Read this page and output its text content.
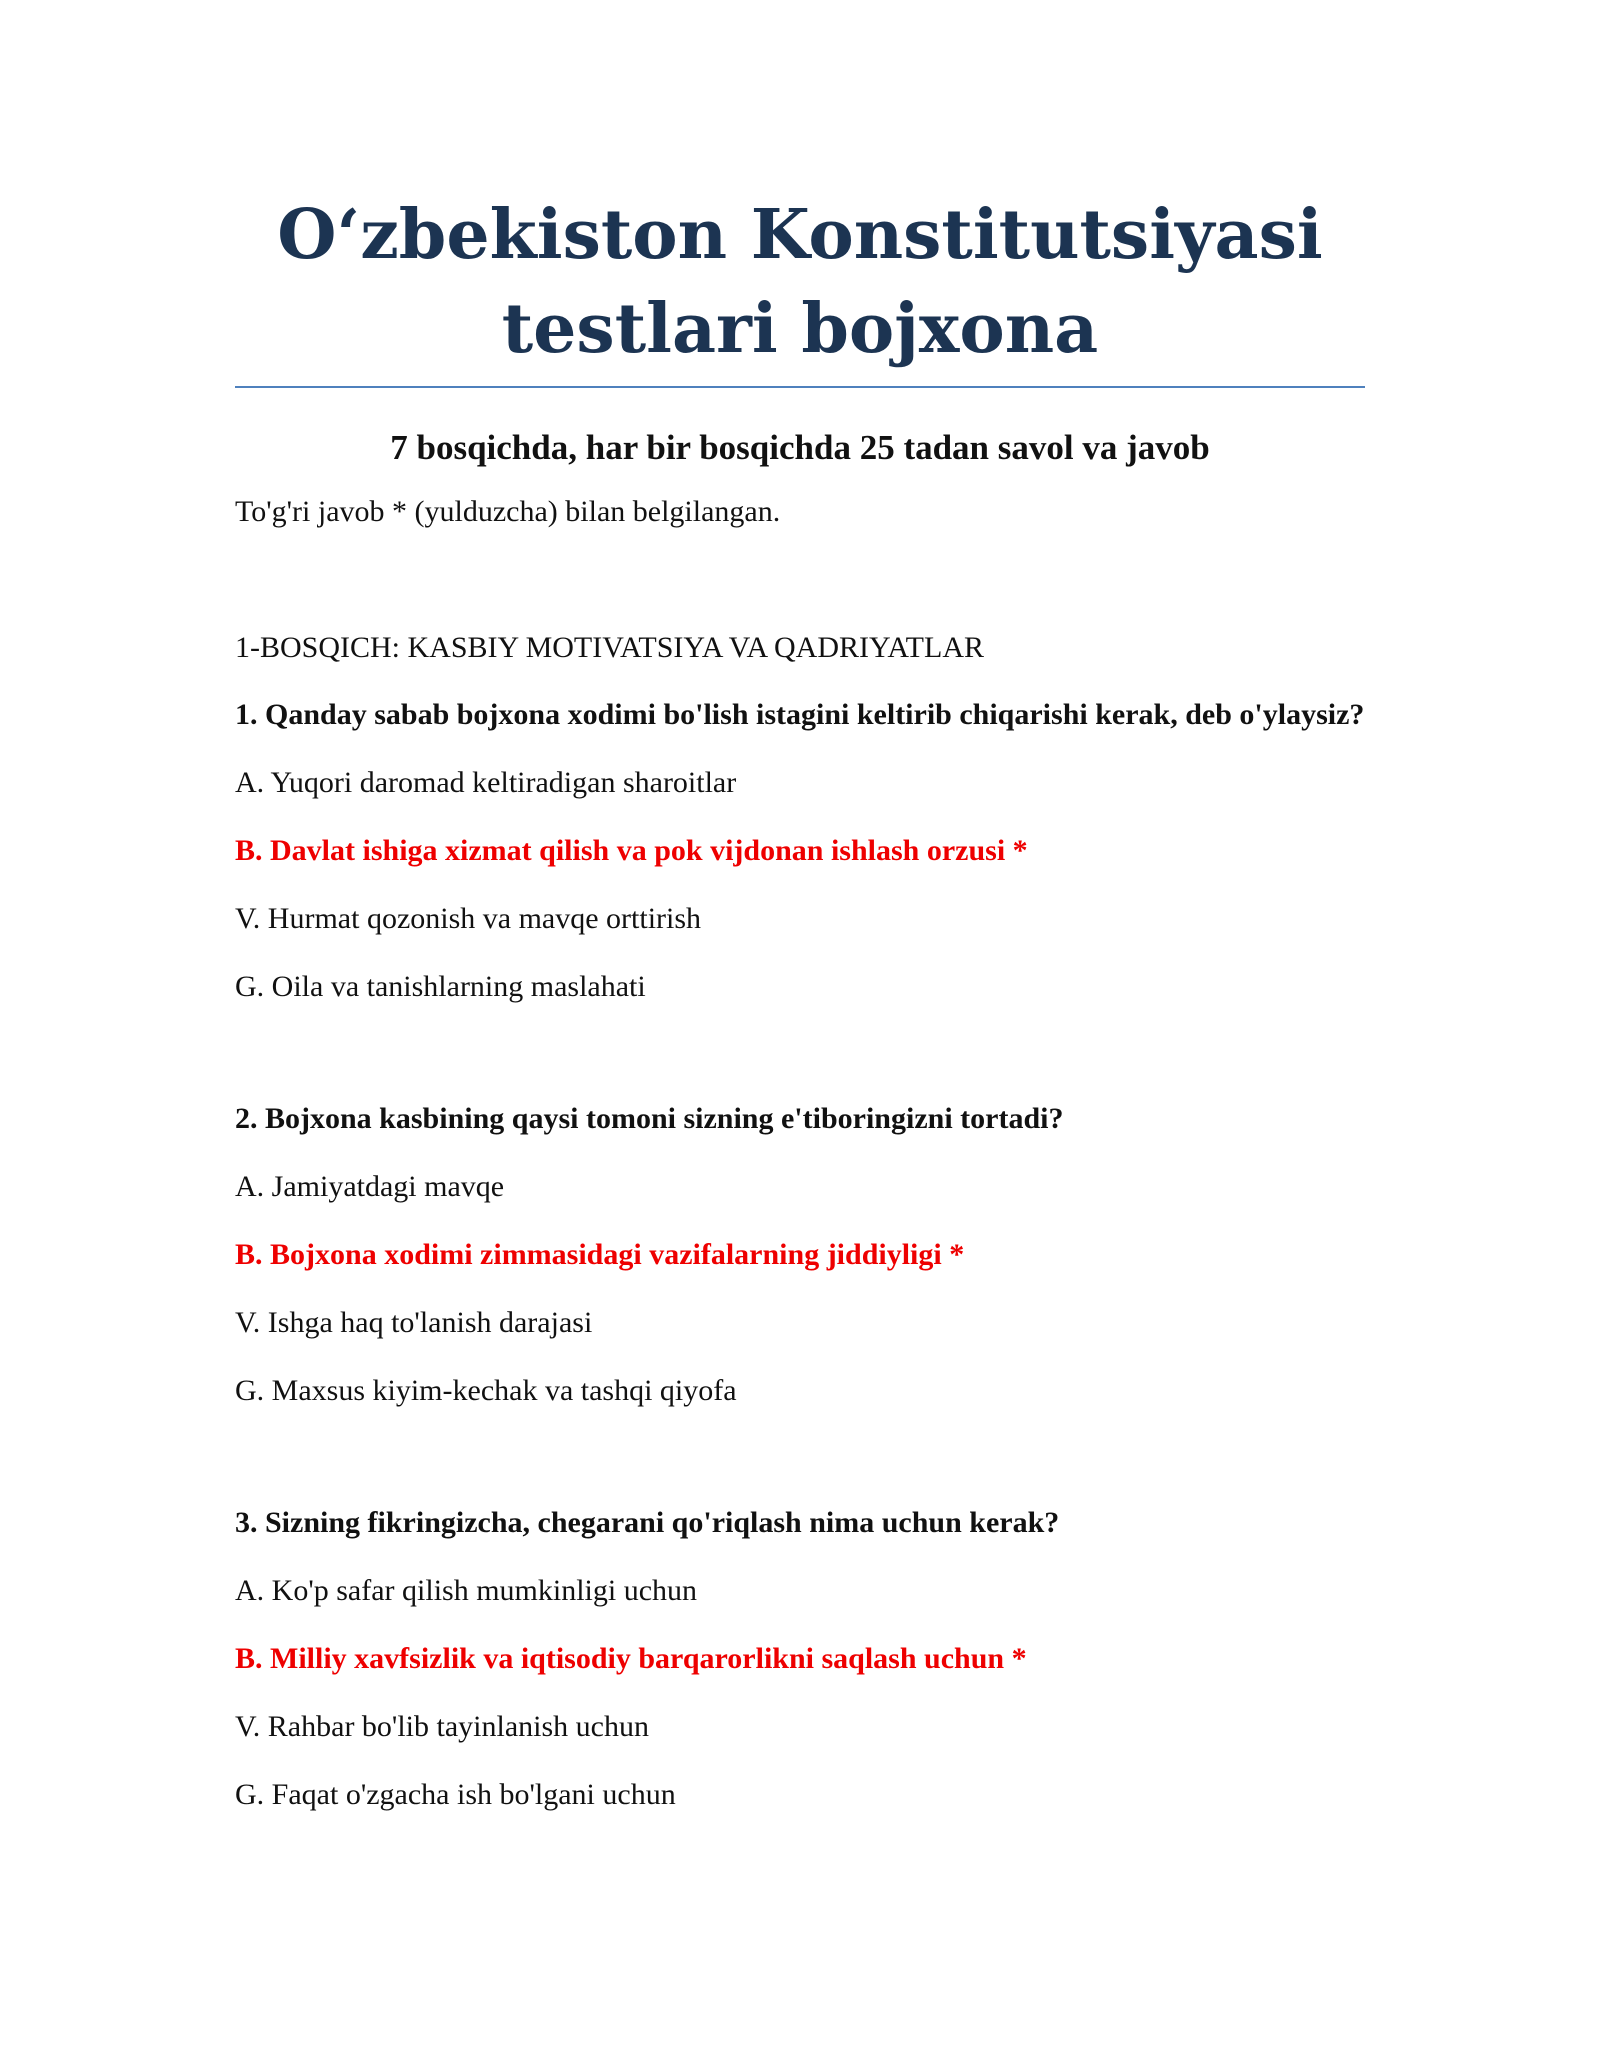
O‘zbekiston Konstitutsiyasi
testlari bojxona

7 bosqichda, har bir bosqichda 25 tadan savol va javob

To'g'ri javob * (yulduzcha) bilan belgilangan.

1-BOSQICH: KASBIY MOTIVATSIYA VA QADRIYATLAR

1. Qanday sabab bojxona xodimi bo'lish istagini keltirib chiqarishi kerak, deb o'ylaysiz?

A. Yuqori daromad keltiradigan sharoitlar

B. Davlat ishiga xizmat qilish va pok vijdonan ishlash orzusi *

V. Hurmat qozonish va mavqe orttirish

G. Oila va tanishlarning maslahati

2. Bojxona kasbining qaysi tomoni sizning e'tiboringizni tortadi?

A. Jamiyatdagi mavqe

B. Bojxona xodimi zimmasidagi vazifalarning jiddiyligi *

V. Ishga haq to'lanish darajasi

G. Maxsus kiyim-kechak va tashqi qiyofa

3. Sizning fikringizcha, chegarani qo'riqlash nima uchun kerak?

A. Ko'p safar qilish mumkinligi uchun

B. Milliy xavfsizlik va iqtisodiy barqarorlikni saqlash uchun *

V. Rahbar bo'lib tayinlanish uchun

G. Faqat o'zgacha ish bo'lgani uchun
